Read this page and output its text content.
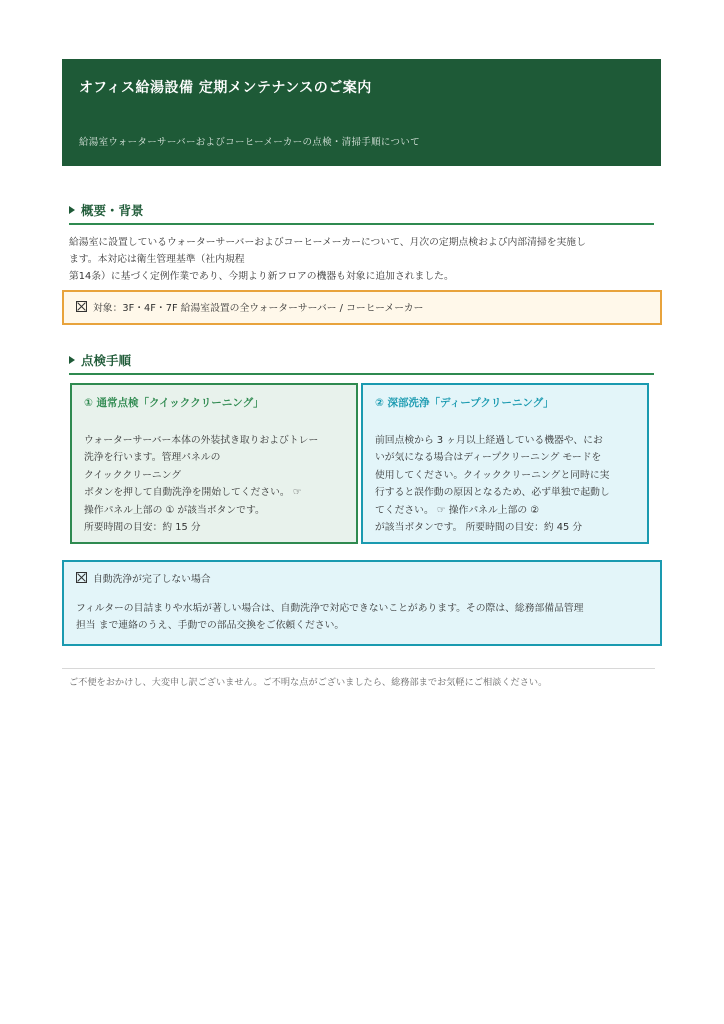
オフィス給湯設備 定期メンテナンスのご案内
給湯室ウォーターサーバーおよびコーヒーメーカーの点検・清掃手順について
概要・背景
給湯室に設置しているウォーターサーバーおよびコーヒーメーカーについて、月次の定期点検および内部清掃を実施し
ます。本対応は衛生管理基準（社内規程
第14条）に基づく定例作業であり、今期より新フロアの機器も対象に追加されました。
対象：3F・4F・7F 給湯室設置の全ウォーターサーバー / コーヒーメーカー
点検手順
① 通常点検「クイッククリーニング」
ウォーターサーバー本体の外装拭き取りおよびトレー
洗浄を行います。管理パネルの
クイッククリーニング
ボタンを押して自動洗浄を開始してください。 ☞
操作パネル上部の ① が該当ボタンです。
所要時間の目安：約 15 分
② 深部洗浄「ディープクリーニング」
前回点検から 3 ヶ月以上経過している機器や、にお
いが気になる場合はディープクリーニング モードを
使用してください。クイッククリーニングと同時に実
行すると誤作動の原因となるため、必ず単独で起動し
てください。 ☞ 操作パネル上部の ②
が該当ボタンです。 所要時間の目安：約 45 分
自動洗浄が完了しない場合
フィルターの目詰まりや水垢が著しい場合は、自動洗浄で対応できないことがあります。その際は、総務部備品管理
担当 まで連絡のうえ、手動での部品交換をご依頼ください。
ご不便をおかけし、大変申し訳ございません。ご不明な点がございましたら、総務部までお気軽にご相談ください。
